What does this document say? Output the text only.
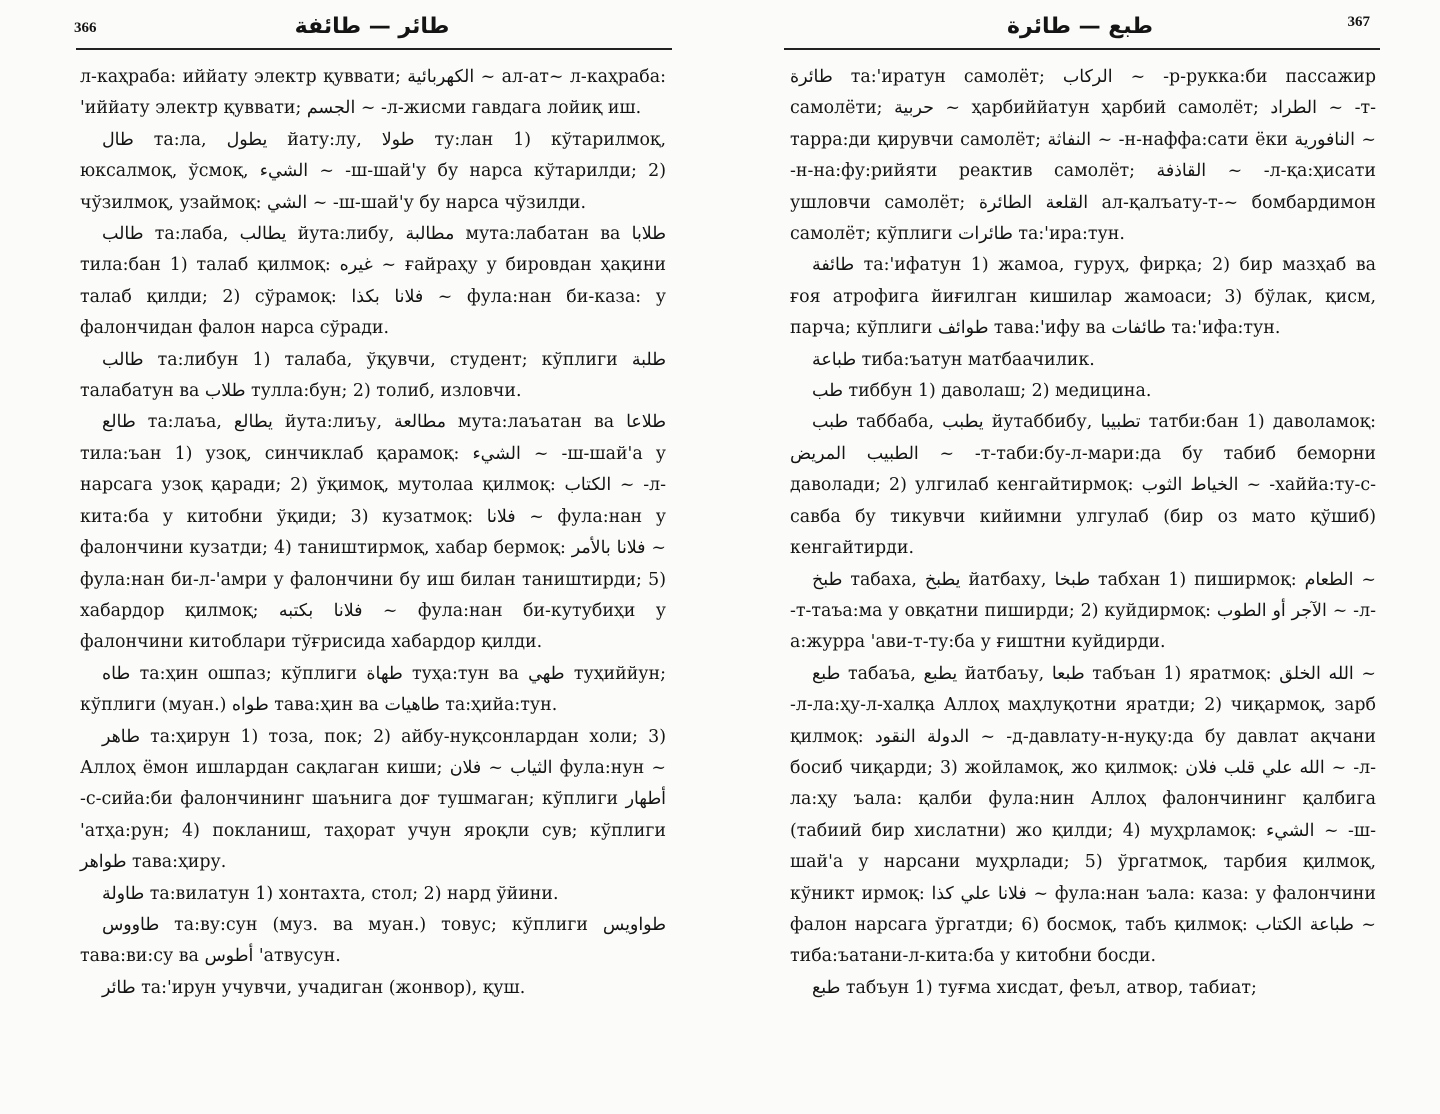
366	طائر — طائفة

л-каҳраба: иййату электр қуввати; الكهربائية ~ ал-ат~ л-каҳраба: 'иййату электр қуввати; الجسم ~ -л-жисми гавдага лойиқ иш.

طال та:ла, يطول йату:лу, طولا ту:лан 1) кўтарилмоқ, юксалмоқ, ўсмоқ, الشيء ~ -ш-шай'у бу нарса кўтарилди; 2) чўзилмоқ, узаймоқ: الشي ~ -ш-шай'у бу нарса чўзилди.

طالب та:лаба, يطالب йута:либу, مطالبة мута:лабатан ва طلابا тила:бан 1) талаб қилмоқ: غيره ~ ғайраҳу у бировдан ҳақини талаб қилди; 2) сўрамоқ: فلانا بكذا ~ фула:нан би-каза: у фалончидан фалон нарса сўради.

طالب та:либун 1) талаба, ўқувчи, студент; кўплиги طلبة талабатун ва طلاب тулла:бун; 2) толиб, изловчи.

طالع та:лаъа, يطالع йута:лиъу, مطالعة мута:лаъатан ва طلاعا тила:ъан 1) узоқ, синчиклаб қарамоқ: الشيء ~ -ш-шай'а у нарсага узоқ қаради; 2) ўқимоқ, мутолаа қилмоқ: الكتاب ~ -л-кита:ба у китобни ўқиди; 3) кузатмоқ: فلانا ~ фула:нан у фалончини кузатди; 4) таништирмоқ, хабар бермоқ: فلانا بالأمر ~ фула:нан би-л-'амри у фалончини бу иш билан таништирди; 5) хабардор қилмоқ; فلانا بكتبه ~ фула:нан би-кутубиҳи у фалончини китоблари тўғрисида хабардор қилди.

طاه та:ҳин ошпаз; кўплиги طهاة туҳа:тун ва طهي туҳиййун; кўплиги (муан.) طواه тава:ҳин ва طاهيات та:ҳийа:тун.

طاهر та:ҳирун 1) тоза, пок; 2) айбу-нуқсонлардан холи; 3) Аллоҳ ёмон ишлардан сақлаган киши; الثياب ~ فلان фула:нун ~ -с-сийа:би фалончининг шаънига доғ тушмаган; кўплиги أطهار 'атҳа:рун; 4) покланиш, таҳорат учун яроқли сув; кўплиги طواهر тава:ҳиру.

طاولة та:вилатун 1) хонтахта, стол; 2) нард ўйини.

طاووس та:ву:сун (муз. ва муан.) товус; кўплиги طواويس тава:ви:су ва أطوس 'атвусун.

طائر та:'ирун учувчи, учадиган (жонвор), қуш.

367
طبع — طائرة

طائرة та:'иратун самолёт; الركاب ~ -р-рукка:би пассажир самолёти; حربية ~ ҳарбиййатун ҳарбий самолёт; الطراد ~ -т-тарра:ди қирувчи самолёт; النفاثة ~ -н-наффа:сати ёки النافورية ~ -н-на:фу:рийяти реактив самолёт; القاذفة ~ -л-қа:ҳисати ушловчи самолёт; القلعة الطائرة ал-қалъату-т-~ бомбардимон самолёт; кўплиги طائرات та:'ира:тун.

طائفة та:'ифатун 1) жамоа, гуруҳ, фирқа; 2) бир мазҳаб ва ғоя атрофига йиғилган кишилар жамоаси; 3) бўлак, қисм, парча; кўплиги طوائف тава:'ифу ва طائفات та:'ифа:тун.

طباعة тиба:ъатун матбаачилик.

طب тиббун 1) даволаш; 2) медицина.

طبب таббаба, يطبب йутаббибу, تطبيبا татби:бан 1) даволамоқ: الطبيب المريض ~ -т-таби:бу-л-мари:да бу табиб беморни даволади; 2) улгилаб кенгайтирмоқ: الخياط الثوب ~ -хаййа:ту-с-савба бу тикувчи кийимни улгулаб (бир оз мато қўшиб) кенгайтирди.

طبخ табаха, يطبخ йатбаху, طبخا табхан 1) пиширмоқ: الطعام ~ -т-таъа:ма у овқатни пиширди; 2) куйдирмоқ: الآجر أو الطوب ~ -л-а:журра 'ави-т-ту:ба у ғиштни куйдирди.

طبع табаъа, يطبع йатбаъу, طبعا табъан 1) яратмоқ: الله الخلق ~ -л-ла:ҳу-л-халқа Аллоҳ маҳлуқотни яратди; 2) чиқармоқ, зарб қилмоқ: الدولة النقود ~ -д-давлату-н-нуқу:да бу давлат ақчани босиб чиқарди; 3) жойламоқ, жо қилмоқ: الله علي قلب فلان ~ -л-ла:ҳу ъала: қалби фула:нин Аллоҳ фалончининг қалбига (табиий бир хислатни) жо қилди; 4) муҳрламоқ: الشيء ~ -ш-шай'а у нарсани муҳрлади; 5) ўргатмоқ, тарбия қилмоқ, кўникт ирмоқ: فلانا علي كذا ~ фула:нан ъала: каза: у фалончини фалон нарсага ўргатди; 6) босмоқ, табъ қилмоқ: طباعة الكتاب ~ тиба:ъатани-л-кита:ба у китобни босди.

طبع табъун 1) туғма хисдат, феъл, атвор, табиат;
